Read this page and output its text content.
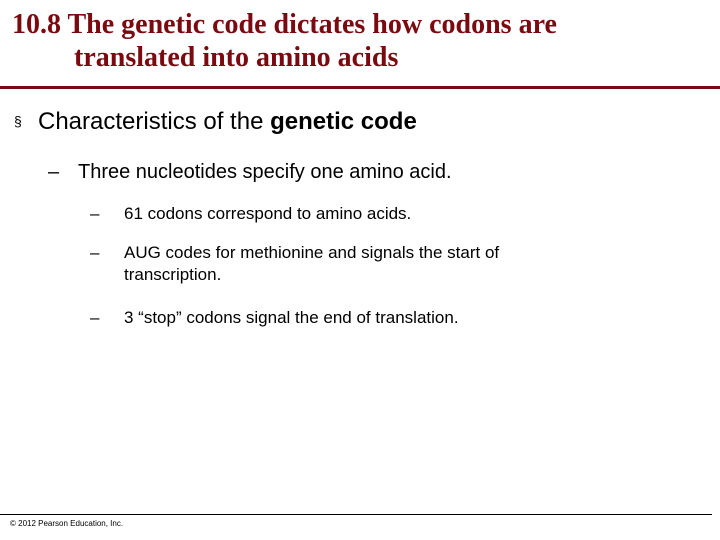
10.8 The genetic code dictates how codons are
translated into amino acids
§ Characteristics of the genetic code
– Three nucleotides specify one amino acid.
–	61 codons correspond to amino acids.
–	AUG codes for methionine and signals the start of transcription.
–	3 “stop” codons signal the end of translation.
© 2012 Pearson Education, Inc.
